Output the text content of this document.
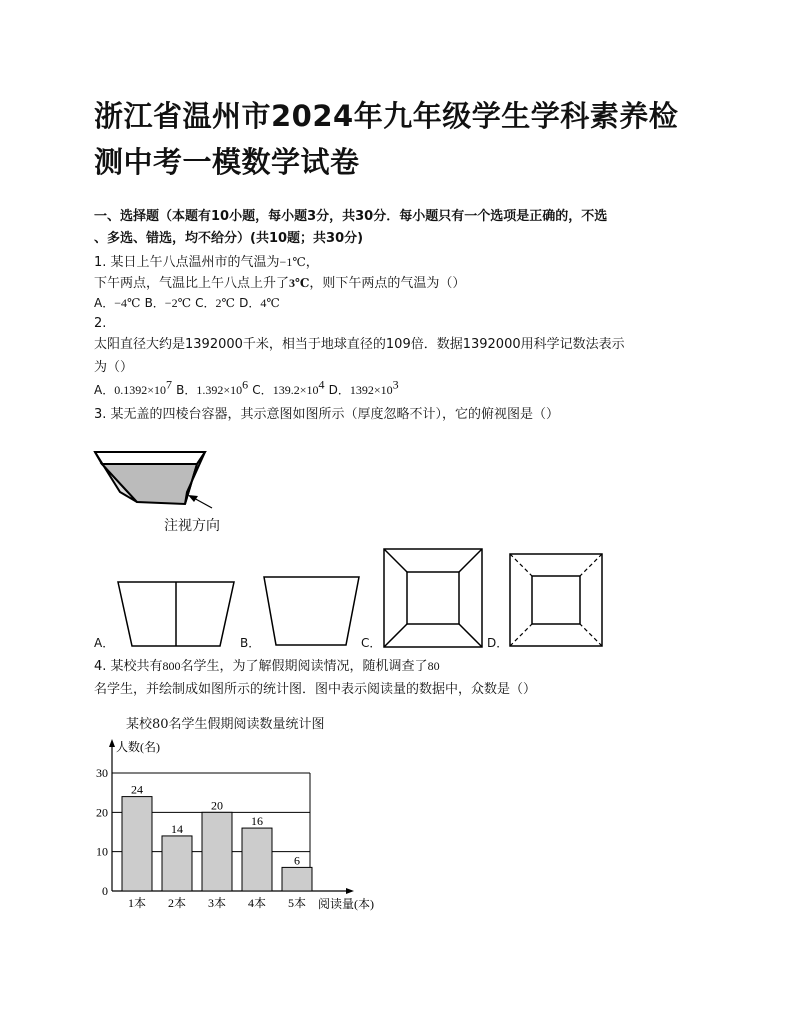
浙江省温州市2024年九年级学生学科素养检
测中考一模数学试卷
一、选择题（本题有10小题，每小题3分，共30分．每小题只有一个选项是正确的，不选
、多选、错选，均不给分）(共10题；共30分)
1. 某日上午八点温州市的气温为−1℃，
下午两点，气温比上午八点上升了3℃，则下午两点的气温为（）
A．−4℃ B．−2℃ C．2℃ D．4℃
2.
太阳直径大约是1392000千米，相当于地球直径的109倍．数据1392000用科学记数法表示
为（）
A．$0.1392\times 10^7$ B．$1.392\times 10^6$ C．$139.2\times 10^4$ D．$1392\times 10^3$
3. 某无盖的四棱台容器，其示意图如图所示（厚度忽略不计），它的俯视图是（）
注视方向
A．	B．	C．	D．
4. 某校共有800名学生，为了解假期阅读情况，随机调查了80
名学生，并绘制成如图所示的统计图．图中表示阅读量的数据中，众数是（）
某校80名学生假期阅读数量统计图
0
10
20
30
人数(名)
24
1本
14
2本
20
3本
16
4本
6
5本 阅读量(本)
